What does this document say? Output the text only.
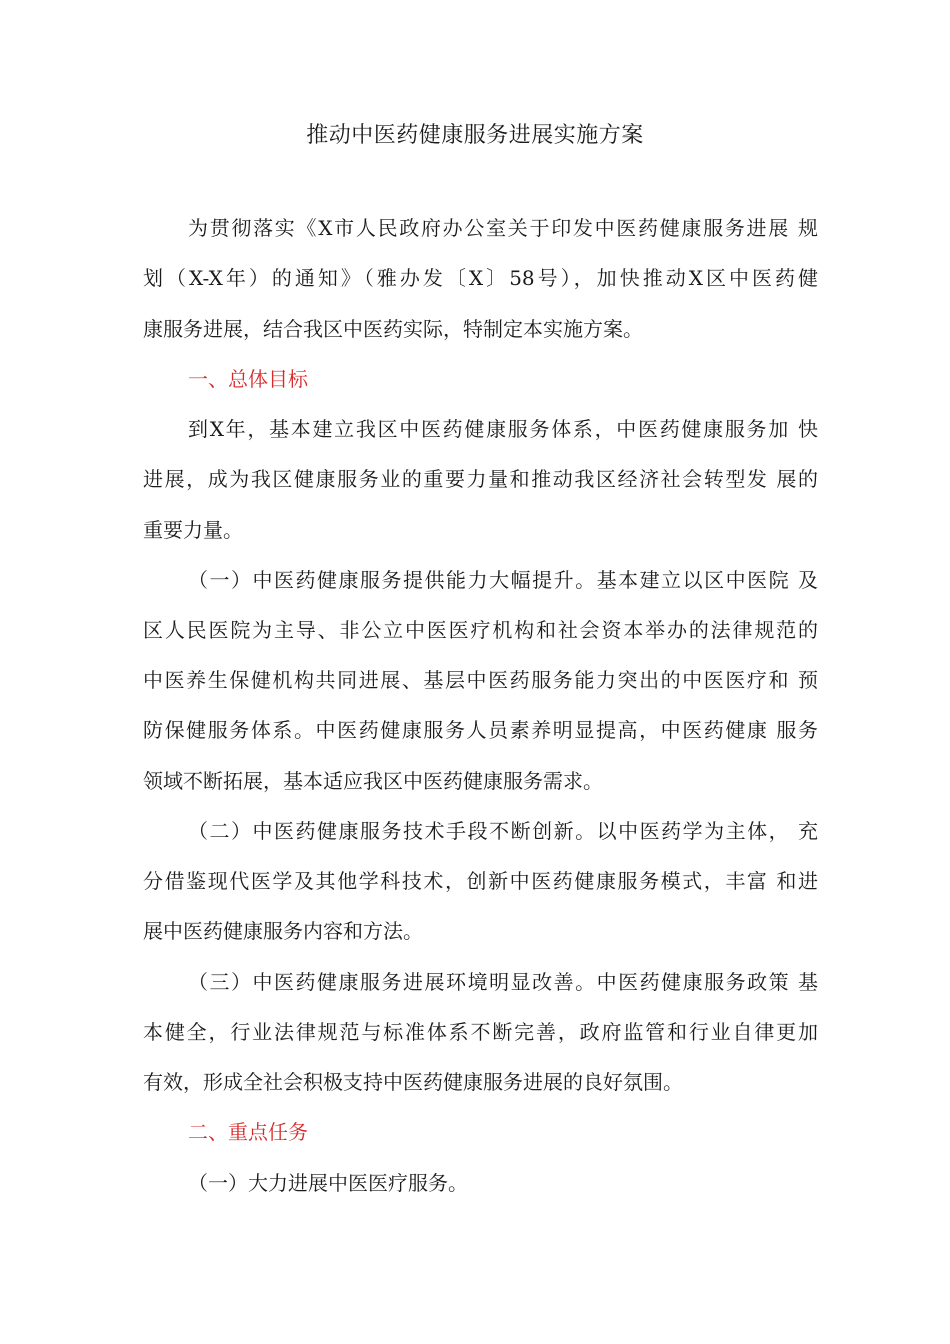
推动中医药健康服务进展实施方案
为贯彻落实《X市人民政府办公室关于印发中医药健康服务进展 规
划（X-X年）的通知》（雅办发〔X〕58号），加快推动X区中医药健
康服务进展，结合我区中医药实际，特制定本实施方案。
一、总体目标
到X年，基本建立我区中医药健康服务体系，中医药健康服务加 快
进展，成为我区健康服务业的重要力量和推动我区经济社会转型发 展的
重要力量。
（一）中医药健康服务提供能力大幅提升。基本建立以区中医院 及
区人民医院为主导、非公立中医医疗机构和社会资本举办的法律规范的
中医养生保健机构共同进展、基层中医药服务能力突出的中医医疗和 预
防保健服务体系。中医药健康服务人员素养明显提高，中医药健康 服务
领域不断拓展，基本适应我区中医药健康服务需求。
（二）中医药健康服务技术手段不断创新。以中医药学为主体， 充
分借鉴现代医学及其他学科技术，创新中医药健康服务模式，丰富 和进
展中医药健康服务内容和方法。
（三）中医药健康服务进展环境明显改善。中医药健康服务政策 基
本健全，行业法律规范与标准体系不断完善，政府监管和行业自律更加
有效，形成全社会积极支持中医药健康服务进展的良好氛围。
二、重点任务
（一）大力进展中医医疗服务。
